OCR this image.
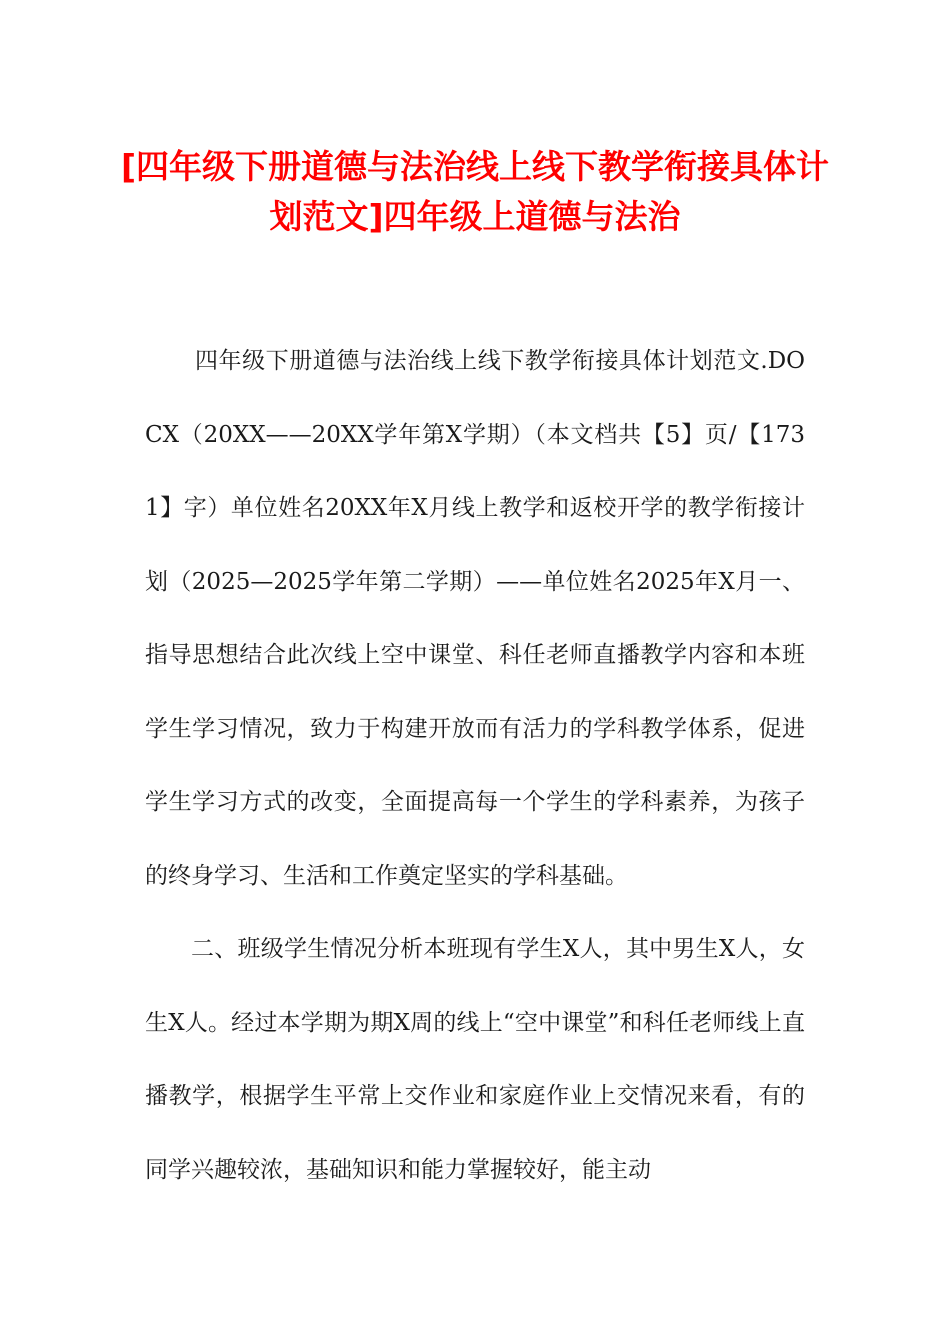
[四年级下册道德与法治线上线下教学衔接具体计划范文]四年级上道德与法治

四年级下册道德与法治线上线下教学衔接具体计划范文.DOCX（20XX——20XX学年第X学期）（本文档共【5】页/【1731】字）单位姓名20XX年X月线上教学和返校开学的教学衔接计划（2025—2025学年第二学期）——单位姓名2025年X月一、指导思想结合此次线上空中课堂、科任老师直播教学内容和本班学生学习情况，致力于构建开放而有活力的学科教学体系，促进学生学习方式的改变，全面提高每一个学生的学科素养，为孩子的终身学习、生活和工作奠定坚实的学科基础。

二、班级学生情况分析本班现有学生X人，其中男生X人，女生X人。经过本学期为期X周的线上“空中课堂”和科任老师线上直播教学，根据学生平常上交作业和家庭作业上交情况来看，有的同学兴趣较浓，基础知识和能力掌握较好，能主动
